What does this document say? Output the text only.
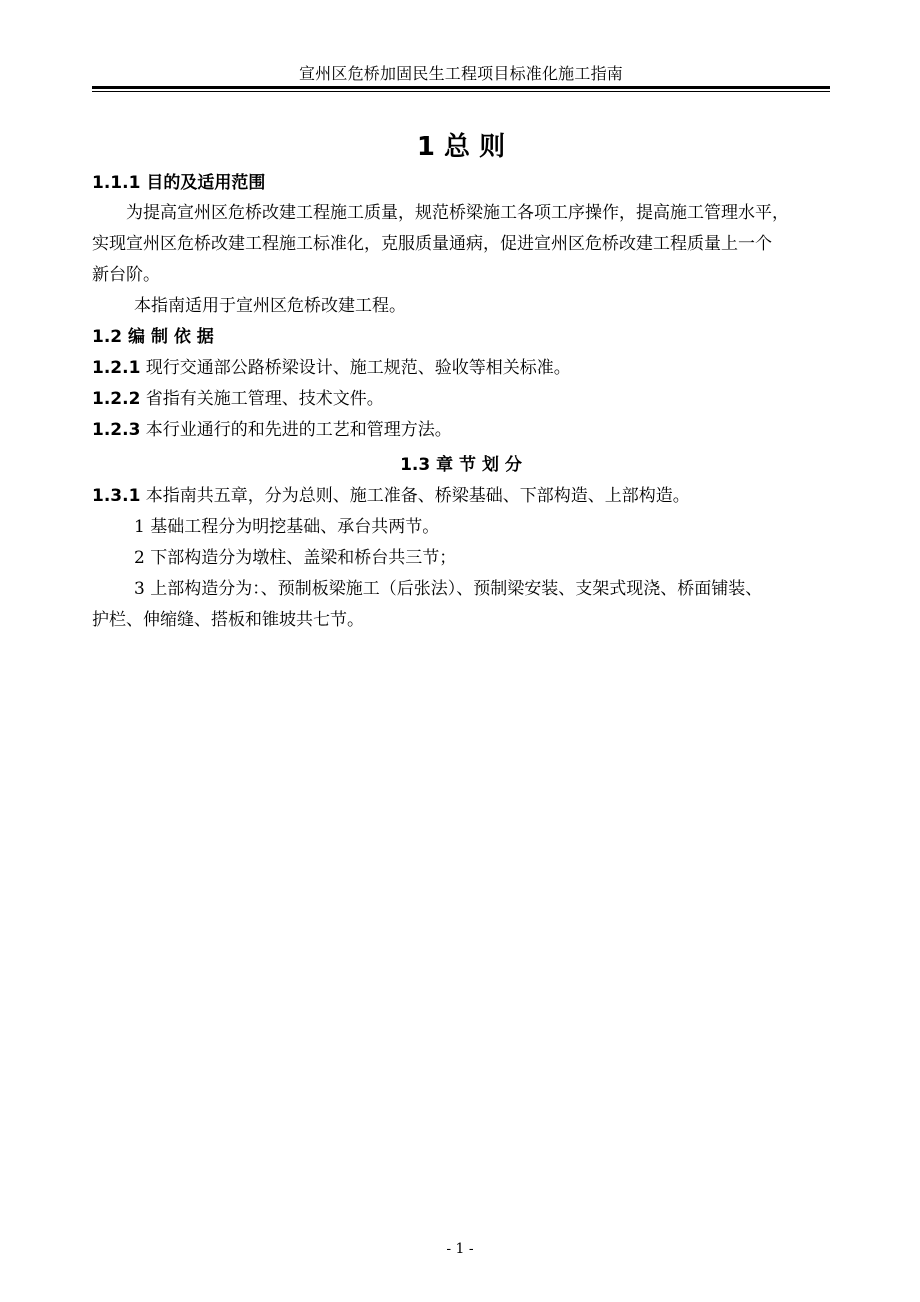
宣州区危桥加固民生工程项目标准化施工指南
1 总 则
1.1.1 目的及适用范围
为提高宣州区危桥改建工程施工质量，规范桥梁施工各项工序操作，提高施工管理水平，
实现宣州区危桥改建工程施工标准化，克服质量通病，促进宣州区危桥改建工程质量上一个
新台阶。
本指南适用于宣州区危桥改建工程。
1.2 编 制 依 据
1.2.1 现行交通部公路桥梁设计、施工规范、验收等相关标准。
1.2.2 省指有关施工管理、技术文件。
1.2.3 本行业通行的和先进的工艺和管理方法。
1.3 章 节 划 分
1.3.1 本指南共五章，分为总则、施工准备、桥梁基础、下部构造、上部构造。
1 基础工程分为明挖基础、承台共两节。
2 下部构造分为墩柱、盖梁和桥台共三节；
3 上部构造分为：、预制板梁施工（后张法）、预制梁安装、支架式现浇、桥面铺装、
护栏、伸缩缝、搭板和锥坡共七节。
- 1 -
